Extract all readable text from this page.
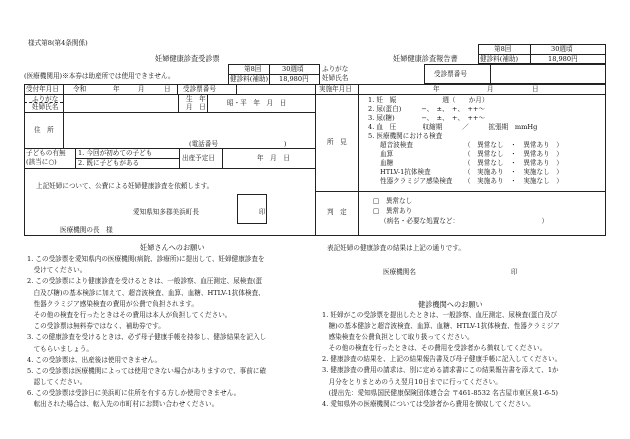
様式第8(第4条関係)
妊婦健康診査受診票	妊婦健康診査報告書
(医療機関用)※本券は助産所では使用できません。
第8回	30週頃
健診料(補助) 18,980円
第8回	30週頃
健診料(補助)	18,980円
ふりがな
妊婦氏名	受診票番号
実施年月日	年	月	日
受付年月日 令和	年	月	日 受診票番号
ふりがな
妊婦氏名
生　年
月　日	昭・平　年　月　日
住　所
(電話番号　　　　　　　　　　)
子どもの有無
(該当に○)
1. 今回が初めての子ども
2. 既に子どもがある
出産予定日	年　月　日
上記妊婦について、公費による妊婦健康診査を依頼します。
愛知県知多郡美浜町長	印
医療機関の長　様
所　見
1. 妊　娠　　　　　　　週（　　か月）
2. 尿(蛋白)　　　−、　±、　+、　++〜
3. 尿(糖)　　　　−、　±、　+、　++〜
4. 血　圧　　　　収縮期　　　／　　　拡張期　mmHg
5. 医療機関における検査
超音波検査	（　異常なし　・　異常あり　）
血算	（　異常なし　・　異常あり　）
血糖	（　異常なし　・　異常あり　）
HTLV-1抗体検査	（　実施あり　・　実施なし　）
性器クラミジア感染検査 （　実施あり　・　実施なし　）
判　定
□　異常なし
□　異常あり
（病名・必要な処置など：　　　　　　　　　　　　　）
妊婦さんへのお願い
1. この受診票を愛知県内の医療機関(病院、診療所)に提出して、妊婦健康診査を
　受けてください。
2. この受診票により健康診査を受けるときは、一般診察、血圧測定、尿検査(蛋
　白及び糖)の基本検診に加えて、超音波検査、血算、血糖、HTLV-1抗体検査、
　性器クラミジア感染検査の費用が公費で負担されます。
　その他の検査を行ったときはその費用は本人が負担してください。
　この受診票は無料券ではなく、補助券です。
3. この健康診査を受けるときは、必ず母子健康手帳を持参し、健診結果を記入し
　てもらいましょう。
4. この受診票は、出産後は使用できません。
5. この受診票は医療機関によっては使用できない場合がありますので、事前に確
　認してください。
6. この受診票は受診日に美浜町に住所を有する方しか使用できません。
　転出された場合は、転入先の市町村にお問い合わせください。
表記妊婦の健康診査の結果は上記の通りです。
医療機関名	印
健診機関へのお願い
1. 妊婦がこの受診票を提出したときは、一般診察、血圧測定、尿検査(蛋白及び
　糖)の基本健診と超音波検査、血算、血糖、HTLV-1抗体検査、性器クラミジア
　感染検査を公費負担として取り扱ってください。
　その他の検査を行ったときは、その費用を受診者から徴収してください。
2. 健康診査の結果を、上記の結果報告書及び母子健康手帳に記入してください。
3. 健康診査の費用の請求は、別に定める請求書にこの結果報告書を添えて、1か
　月分をとりまとめのうえ翌月10日までに行ってください。
　(提出先：愛知県国民健康保険団体連合会 〒461-8532 名古屋市東区泉1-6-5)
4. 愛知県外の医療機関については受診者から費用を徴収してください。
